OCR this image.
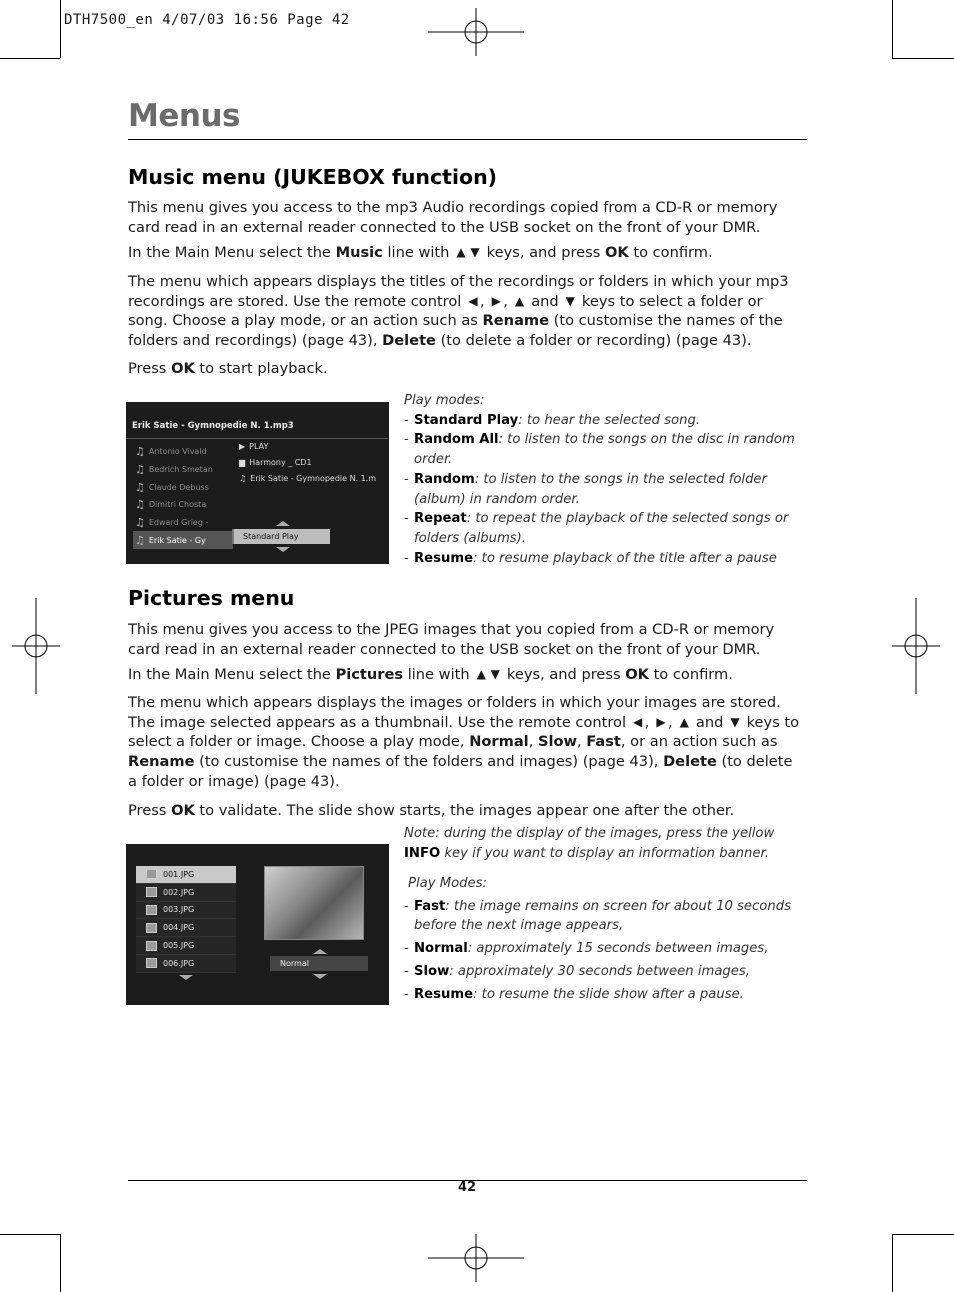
DTH7500_en 4/07/03 16:56 Page 42
Menus
Music menu (JUKEBOX function)

This menu gives you access to the mp3 Audio recordings copied from a CD-R or memory card read in an external reader connected to the USB socket on the front of your DMR.

In the Main Menu select the Music line with ▲ ▼ keys, and press OK to confirm.

The menu which appears displays the titles of the recordings or folders in which your mp3 recordings are stored. Use the remote control ◀ , ▶ , ▲ and ▼ keys to select a folder or song. Choose a play mode, or an action such as Rename (to customise the names of the folders and recordings) (page 43), Delete (to delete a folder or recording) (page 43).

Press OK to start playback.

Erik Satie - Gymnopedie N. 1.mp3
♫ Antonio Vivald
♫ Bedrich Smetan
♫ Claude Debuss
♫ Dimitri Chosta
♫ Edward Grieg -
♫ Erik Satie - Gy
▶ PLAY
▆ Harmony _ CD1
♫ Erik Satie - Gymnopedie N. 1.m
Standard Play
Play modes:
- Standard Play: to hear the selected song.
- Random All: to listen to the songs on the disc in random order.
- Random: to listen to the songs in the selected folder (album) in random order.
- Repeat: to repeat the playback of the selected songs or folders (albums).
- Resume: to resume playback of the title after a pause
Pictures menu

This menu gives you access to the JPEG images that you copied from a CD-R or memory card read in an external reader connected to the USB socket on the front of your DMR.

In the Main Menu select the Pictures line with ▲ ▼ keys, and press OK to confirm.

The menu which appears displays the images or folders in which your images are stored. The image selected appears as a thumbnail. Use the remote control ◀ , ▶ , ▲ and ▼ keys to select a folder or image. Choose a play mode, Normal, Slow, Fast, or an action such as Rename (to customise the names of the folders and images) (page 43), Delete (to delete a folder or image) (page 43).

Press OK to validate. The slide show starts, the images appear one after the other.

001.JPG
002.JPG
003.JPG
004.JPG
005.JPG
006.JPG	Normal
Note: during the display of the images, press the yellow INFO key if you want to display an information banner.
Play Modes:
- Fast: the image remains on screen for about 10 seconds before the next image appears,
- Normal: approximately 15 seconds between images,
- Slow: approximately 30 seconds between images,
- Resume: to resume the slide show after a pause.
42
